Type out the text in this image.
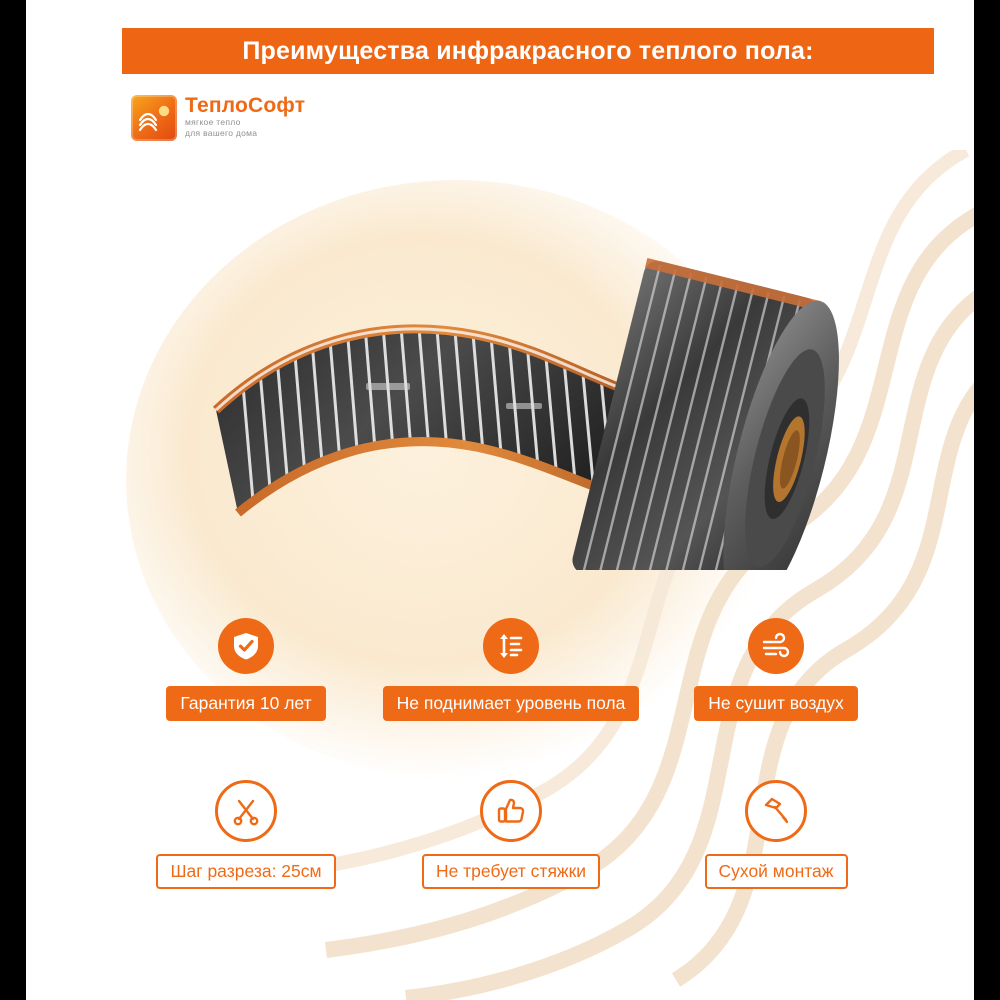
Преимущества инфракрасного теплого пола:
ТеплоСофт
мягкое тепло
для вашего дома
Гарантия 10 лет	Не поднимает уровень пола	Не сушит воздух
Шаг разреза: 25см	Не требует стяжки	Сухой монтаж
